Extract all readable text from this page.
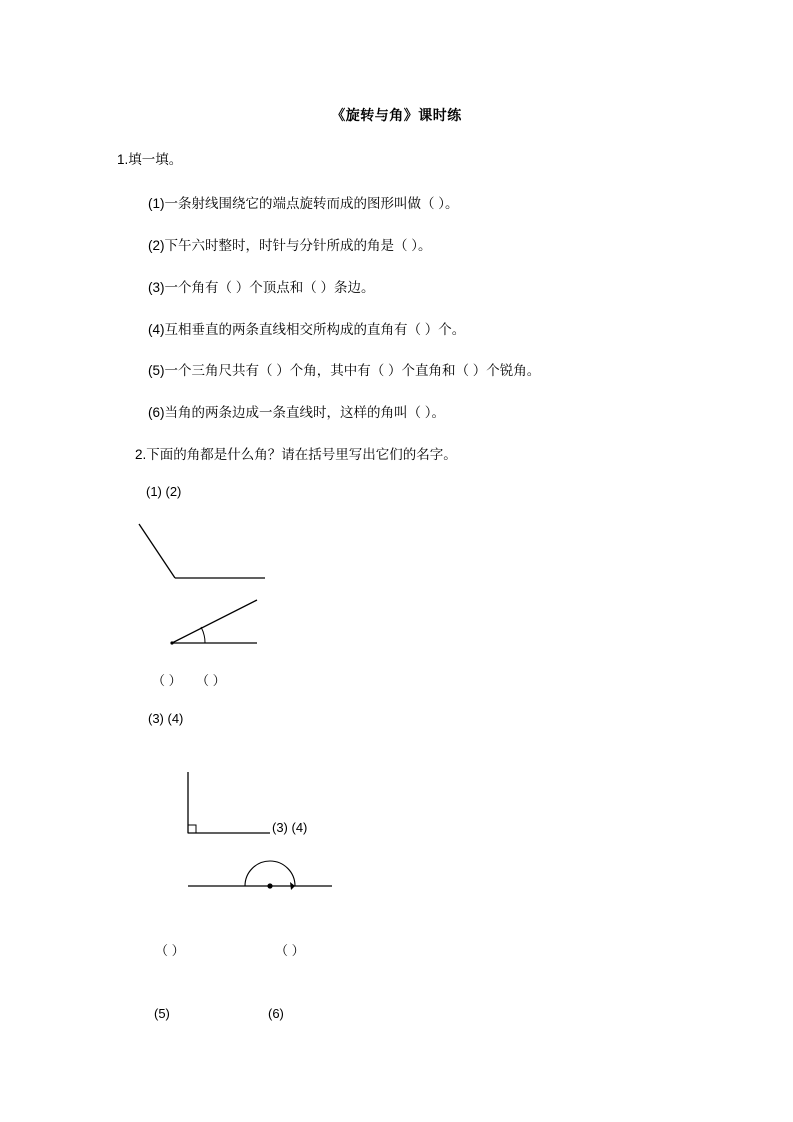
《旋转与角》课时练
1.填一填。
(1)一条射线围绕它的端点旋转而成的图形叫做（ ）。
(2)下午六时整时，时针与分针所成的角是（ ）。
(3)一个角有（ ）个顶点和（ ）条边。
(4)互相垂直的两条直线相交所构成的直角有（ ）个。
(5)一个三角尺共有（ ）个角，其中有（ ）个直角和（ ）个锐角。
(6)当角的两条边成一条直线时，这样的角叫（ ）。
2.下面的角都是什么角？请在括号里写出它们的名字。
(1) (2)
（ ） （ ）
(3) (4)
(3) (4)
（ ）	（ ）
(5)	(6)
